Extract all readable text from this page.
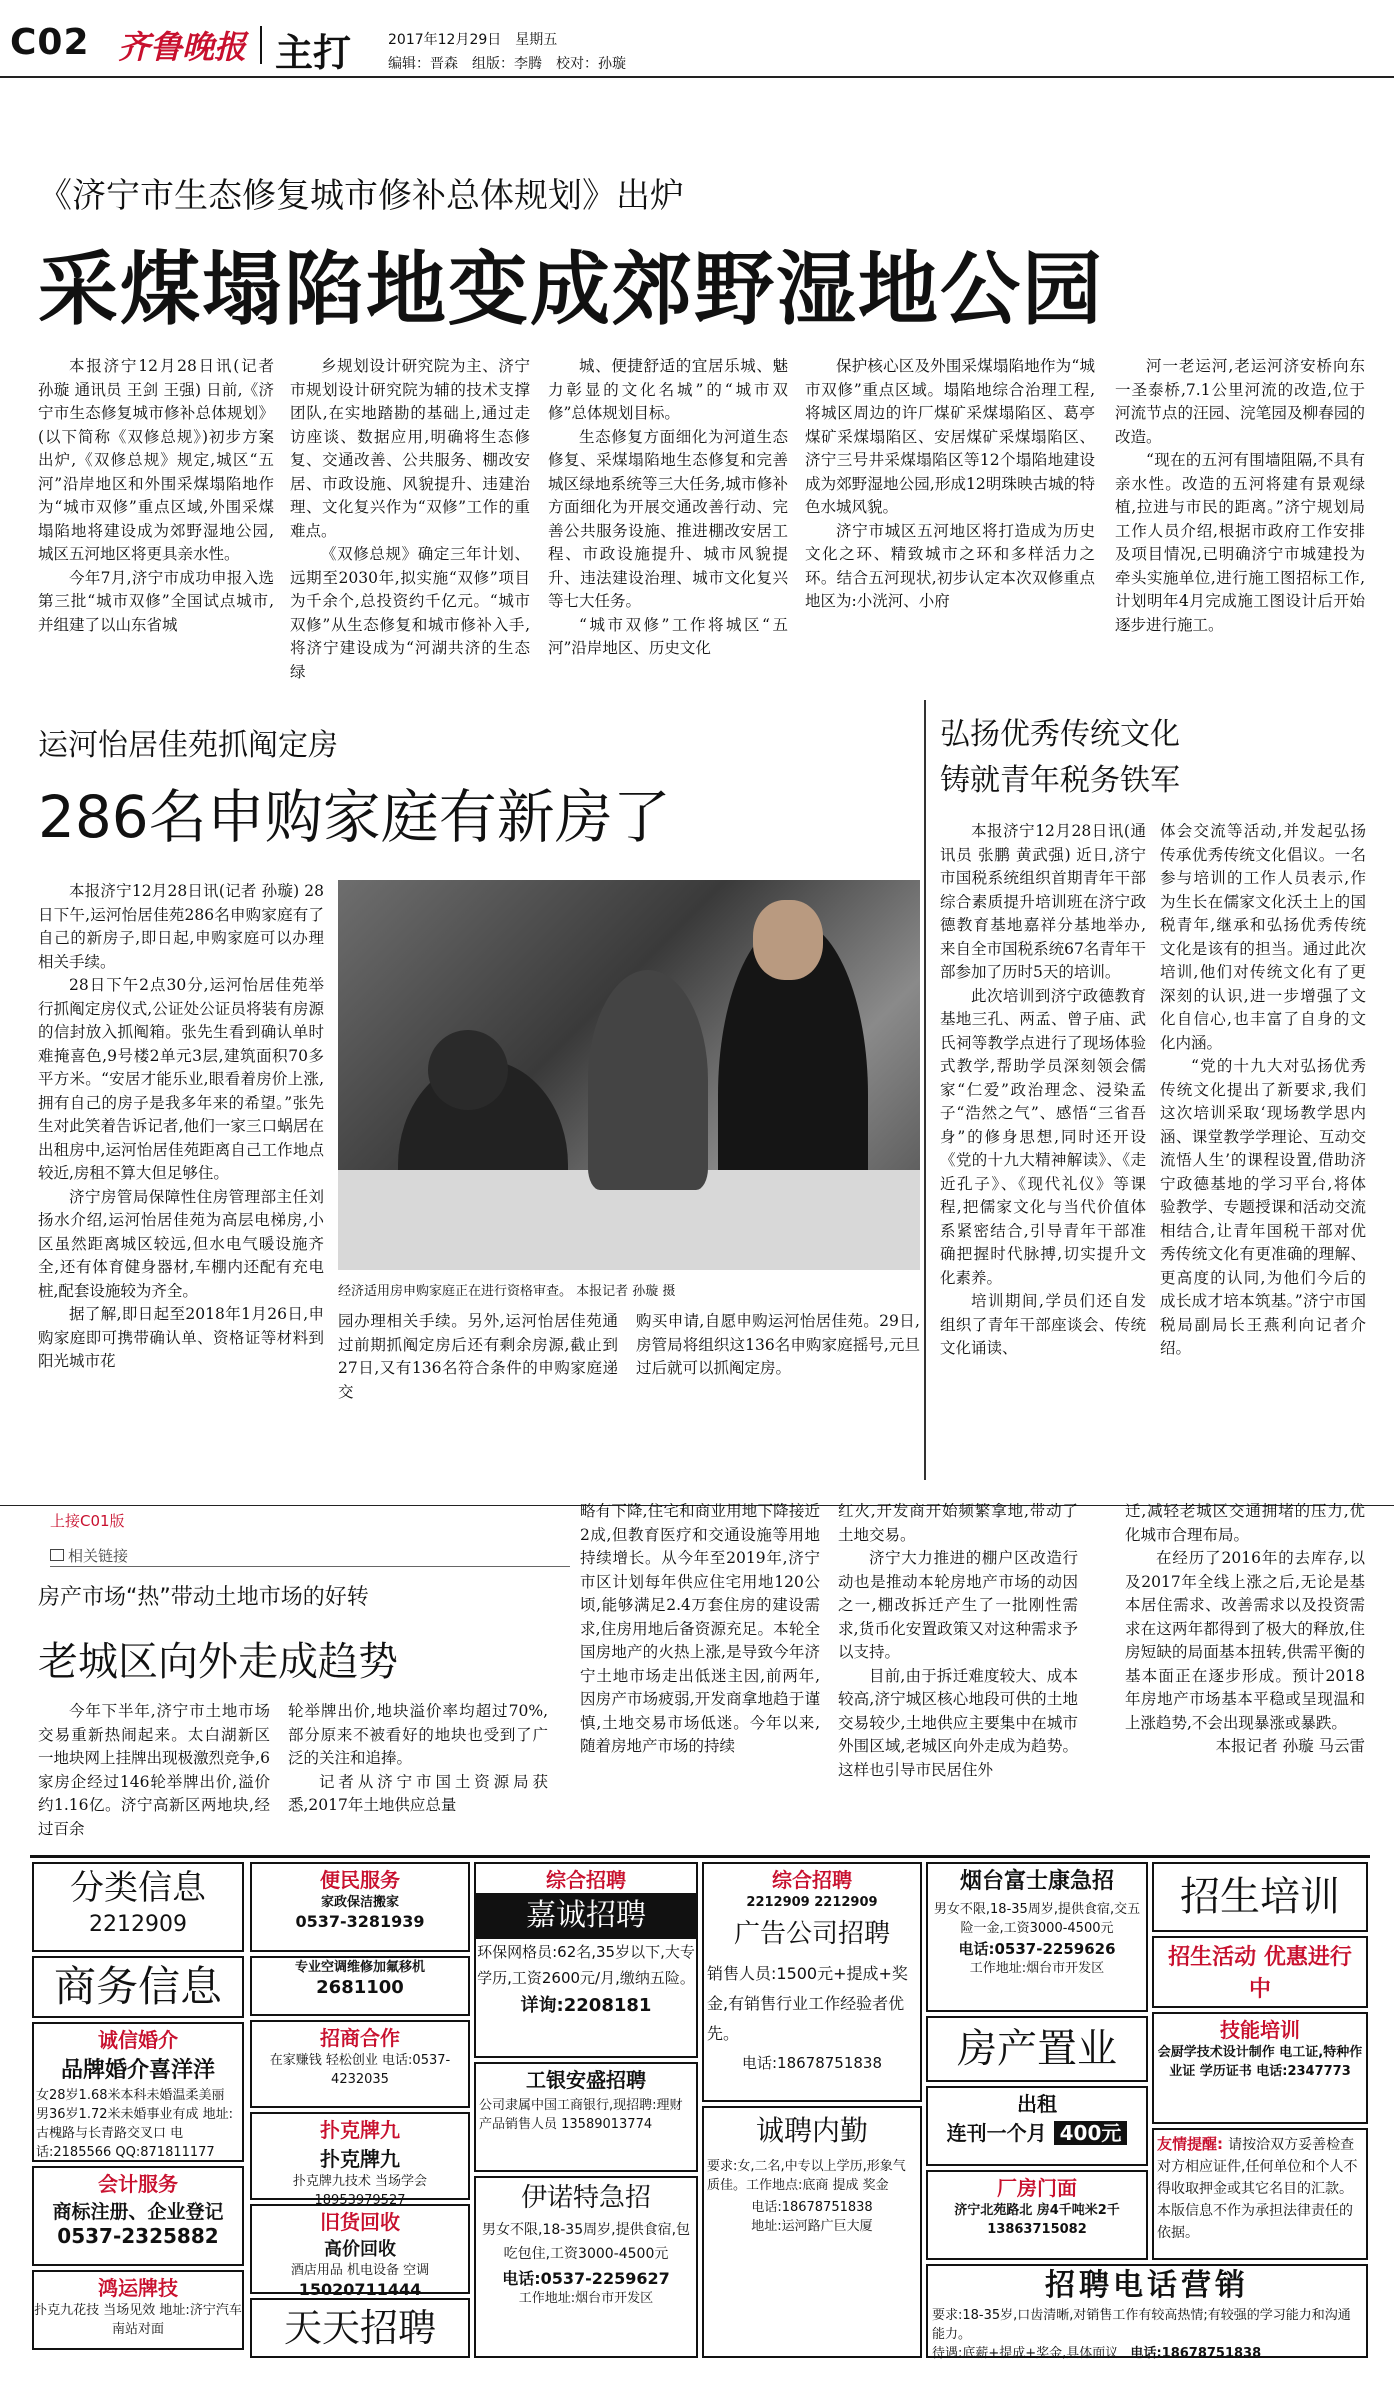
C02 齐鲁晚报 主打	2017年12月29日　星期五
编辑：晋森　组版：李腾　校对：孙璇
《济宁市生态修复城市修补总体规划》出炉
采煤塌陷地变成郊野湿地公园

本报济宁12月28日讯(记者 孙璇 通讯员 王剑 王强) 日前,《济宁市生态修复城市修补总体规划》(以下简称《双修总规》)初步方案出炉,《双修总规》规定,城区“五河”沿岸地区和外围采煤塌陷地作为“城市双修”重点区域,外围采煤塌陷地将建设成为郊野湿地公园,城区五河地区将更具亲水性。

今年7月,济宁市成功申报入选第三批“城市双修”全国试点城市,并组建了以山东省城

乡规划设计研究院为主、济宁市规划设计研究院为辅的技术支撑团队,在实地踏勘的基础上,通过走访座谈、数据应用,明确将生态修复、交通改善、公共服务、棚改安居、市政设施、风貌提升、违建治理、文化复兴作为“双修”工作的重难点。

《双修总规》确定三年计划、远期至2030年,拟实施“双修”项目为千余个,总投资约千亿元。“城市双修”从生态修复和城市修补入手,将济宁建设成为“河湖共济的生态绿

城、便捷舒适的宜居乐城、魅力彰显的文化名城”的“城市双修”总体规划目标。

生态修复方面细化为河道生态修复、采煤塌陷地生态修复和完善城区绿地系统等三大任务,城市修补方面细化为开展交通改善行动、完善公共服务设施、推进棚改安居工程、市政设施提升、城市风貌提升、违法建设治理、城市文化复兴等七大任务。

“城市双修”工作将城区“五河”沿岸地区、历史文化

保护核心区及外围采煤塌陷地作为“城市双修”重点区域。塌陷地综合治理工程,将城区周边的许厂煤矿采煤塌陷区、葛亭煤矿采煤塌陷区、安居煤矿采煤塌陷区、济宁三号井采煤塌陷区等12个塌陷地建设成为郊野湿地公园,形成12明珠映古城的特色水城风貌。

济宁市城区五河地区将打造成为历史文化之环、精致城市之环和多样活力之环。结合五河现状,初步认定本次双修重点地区为:小洸河、小府

河一老运河,老运河济安桥向东一圣泰桥,7.1公里河流的改造,位于河流节点的汪园、浣笔园及柳春园的改造。

“现在的五河有围墙阻隔,不具有亲水性。改造的五河将建有景观绿植,拉进与市民的距离。”济宁规划局工作人员介绍,根据市政府工作安排及项目情况,已明确济宁市城建投为牵头实施单位,进行施工图招标工作,计划明年4月完成施工图设计后开始逐步进行施工。

运河怡居佳苑抓阄定房
286名申购家庭有新房了

本报济宁12月28日讯(记者 孙璇) 28日下午,运河怡居佳苑286名申购家庭有了自己的新房子,即日起,申购家庭可以办理相关手续。

28日下午2点30分,运河怡居佳苑举行抓阄定房仪式,公证处公证员将装有房源的信封放入抓阄箱。张先生看到确认单时难掩喜色,9号楼2单元3层,建筑面积70多平方米。“安居才能乐业,眼看着房价上涨,拥有自己的房子是我多年来的希望。”张先生对此笑着告诉记者,他们一家三口蜗居在出租房中,运河怡居佳苑距离自己工作地点较近,房租不算大但足够住。

济宁房管局保障性住房管理部主任刘扬水介绍,运河怡居佳苑为高层电梯房,小区虽然距离城区较远,但水电气暖设施齐全,还有体育健身器材,车棚内还配有充电桩,配套设施较为齐全。

据了解,即日起至2018年1月26日,申购家庭即可携带确认单、资格证等材料到阳光城市花

经济适用房申购家庭正在进行资格审查。 本报记者 孙璇 摄

园办理相关手续。另外,运河怡居佳苑通过前期抓阄定房后还有剩余房源,截止到27日,又有136名符合条件的申购家庭递交

购买申请,自愿申购运河怡居佳苑。29日,房管局将组织这136名申购家庭摇号,元旦过后就可以抓阄定房。

弘扬优秀传统文化
铸就青年税务铁军

本报济宁12月28日讯(通讯员 张鹏 黄武强) 近日,济宁市国税系统组织首期青年干部综合素质提升培训班在济宁政德教育基地嘉祥分基地举办,来自全市国税系统67名青年干部参加了历时5天的培训。

此次培训到济宁政德教育基地三孔、两孟、曾子庙、武氏祠等教学点进行了现场体验式教学,帮助学员深刻领会儒家“仁爱”政治理念、浸染孟子“浩然之气”、感悟“三省吾身”的修身思想,同时还开设《党的十九大精神解读》、《走近孔子》、《现代礼仪》等课程,把儒家文化与当代价值体系紧密结合,引导青年干部准确把握时代脉搏,切实提升文化素养。

培训期间,学员们还自发组织了青年干部座谈会、传统文化诵读、

体会交流等活动,并发起弘扬传承优秀传统文化倡议。一名参与培训的工作人员表示,作为生长在儒家文化沃土上的国税青年,继承和弘扬优秀传统文化是该有的担当。通过此次培训,他们对传统文化有了更深刻的认识,进一步增强了文化自信心,也丰富了自身的文化内涵。

“党的十九大对弘扬优秀传统文化提出了新要求,我们这次培训采取‘现场教学思内涵、课堂教学学理论、互动交流悟人生’的课程设置,借助济宁政德基地的学习平台,将体验教学、专题授课和活动交流相结合,让青年国税干部对优秀传统文化有更准确的理解、更高度的认同,为他们今后的成长成才培本筑基。”济宁市国税局副局长王燕利向记者介绍。

上接C01版
相关链接
房产市场“热”带动土地市场的好转
老城区向外走成趋势

今年下半年,济宁市土地市场交易重新热闹起来。太白湖新区一地块网上挂牌出现极激烈竞争,6家房企经过146轮举牌出价,溢价约1.16亿。济宁高新区两地块,经过百余

轮举牌出价,地块溢价率均超过70%,部分原来不被看好的地块也受到了广泛的关注和追捧。

记者从济宁市国土资源局获悉,2017年土地供应总量

略有下降,住宅和商业用地下降接近2成,但教育医疗和交通设施等用地持续增长。从今年至2019年,济宁市区计划每年供应住宅用地120公顷,能够满足2.4万套住房的建设需求,住房用地后备资源充足。本轮全国房地产的火热上涨,是导致今年济宁土地市场走出低迷主因,前两年,因房产市场疲弱,开发商拿地趋于谨慎,土地交易市场低迷。今年以来,随着房地产市场的持续

红火,开发商开始频繁拿地,带动了土地交易。

济宁大力推进的棚户区改造行动也是推动本轮房地产市场的动因之一,棚改拆迁产生了一批刚性需求,货币化安置政策又对这种需求予以支持。

目前,由于拆迁难度较大、成本较高,济宁城区核心地段可供的土地交易较少,土地供应主要集中在城市外围区域,老城区向外走成为趋势。这样也引导市民居住外

迁,减轻老城区交通拥堵的压力,优化城市合理布局。

在经历了2016年的去库存,以及2017年全线上涨之后,无论是基本居住需求、改善需求以及投资需求在这两年都得到了极大的释放,住房短缺的局面基本扭转,供需平衡的基本面正在逐步形成。预计2018年房地产市场基本平稳或呈现温和上涨趋势,不会出现暴涨或暴跌。

本报记者 孙璇 马云雷

分类信息
2212909
商务信息
诚信婚介
品牌婚介喜洋洋
女28岁1.68米本科未婚温柔美丽 男36岁1.72米未婚事业有成 地址:古槐路与长青路交叉口 电话:2185566 QQ:871811177
会计服务
商标注册、企业登记
0537-2325882
鸿运牌技
扑克九花技 当场见效 地址:济宁汽车南站对面
便民服务
家政保洁搬家
0537-3281939
专业空调维修加氟移机
2681100
招商合作
在家赚钱 轻松创业 电话:0537-4232035
扑克牌九
扑克牌九
扑克牌九技术 当场学会 18953979527
旧货回收
高价回收
酒店用品 机电设备 空调
15020711444
天天招聘
综合招聘
嘉诚招聘
环保网格员:62名,35岁以下,大专学历,工资2600元/月,缴纳五险。
详询:2208181
工银安盛招聘
公司隶属中国工商银行,现招聘:理财产品销售人员 13589013774
伊诺特急招
男女不限,18-35周岁,提供食宿,包吃包住,工资3000-4500元
电话:0537-2259627
工作地址:烟台市开发区
综合招聘
2212909 2212909
广告公司招聘
销售人员:1500元+提成+奖金,有销售行业工作经验者优先。
电话:18678751838
诚聘内勤
要求:女,二名,中专以上学历,形象气质佳。工作地点:底商 提成 奖金
电话:18678751838
地址:运河路广巨大厦
烟台富士康急招
男女不限,18-35周岁,提供食宿,交五险一金,工资3000-4500元
电话:0537-2259626
工作地址:烟台市开发区
房产置业
出租
连刊一个月 400元
厂房门面
济宁北苑路北 房4千吨米2千
13863715082
招生培训
招生活动 优惠进行中
技能培训
会厨学技术设计制作 电工证,特种作业证 学历证书 电话:2347773
友情提醒: 请按洽双方妥善检查对方相应证件,任何单位和个人不得收取押金或其它名目的汇款。本版信息不作为承担法律责任的依据。
招聘电话营销
要求:18-35岁,口齿清晰,对销售工作有较高热情;有较强的学习能力和沟通能力。
待遇:底薪+提成+奖金,具体面议 电话:18678751838
